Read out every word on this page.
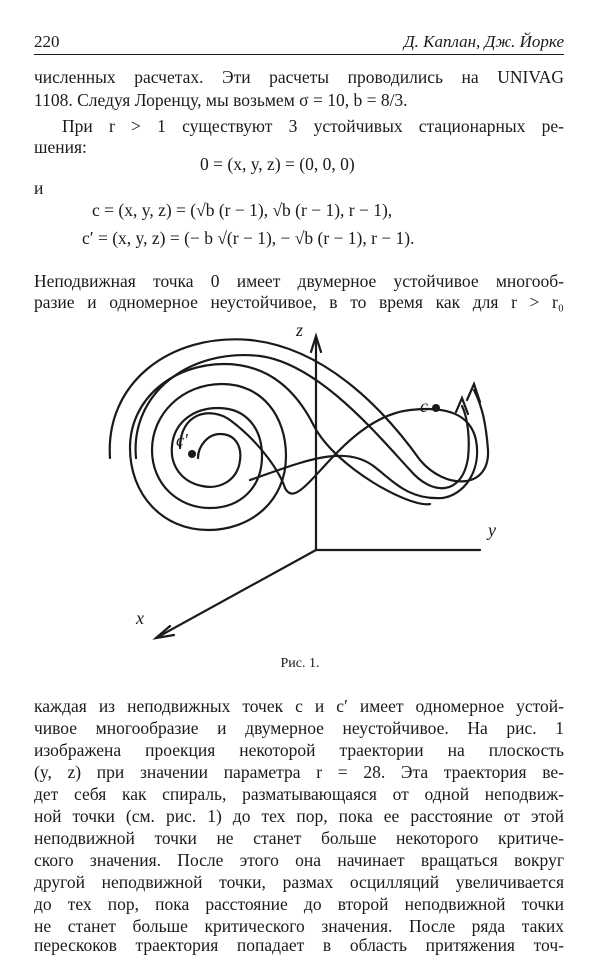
220	Д. Каплан, Дж. Йорке
численных расчетах. Эти расчеты проводились на UNIVAG
1108. Следуя Лоренцу, мы возьмем σ = 10, b = 8/3.
При r > 1 существуют 3 устойчивых стационарных ре-
шения:
0 = (x, y, z) = (0, 0, 0)
и
c = (x, y, z) = (√b (r − 1), √b (r − 1), r − 1),
c′ = (x, y, z) = (− b √(r − 1), − √b (r − 1), r − 1).
Неподвижная точка 0 имеет двумерное устойчивое многооб-
разие и одномерное неустойчивое, в то время как для r > r₀
z
y
x
c
c′
Рис. 1.
каждая из неподвижных точек c и c′ имеет одномерное устой-
чивое многообразие и двумерное неустойчивое. На рис. 1
изображена проекция некоторой траектории на плоскость
(y, z) при значении параметра r = 28. Эта траектория ве-
дет себя как спираль, разматывающаяся от одной неподвиж-
ной точки (см. рис. 1) до тех пор, пока ее расстояние от этой
неподвижной точки не станет больше некоторого критиче-
ского значения. После этого она начинает вращаться вокруг
другой неподвижной точки, размах осцилляций увеличивается
до тех пор, пока расстояние до второй неподвижной точки
не станет больше критического значения. После ряда таких
перескоков траектория попадает в область притяжения точ-
